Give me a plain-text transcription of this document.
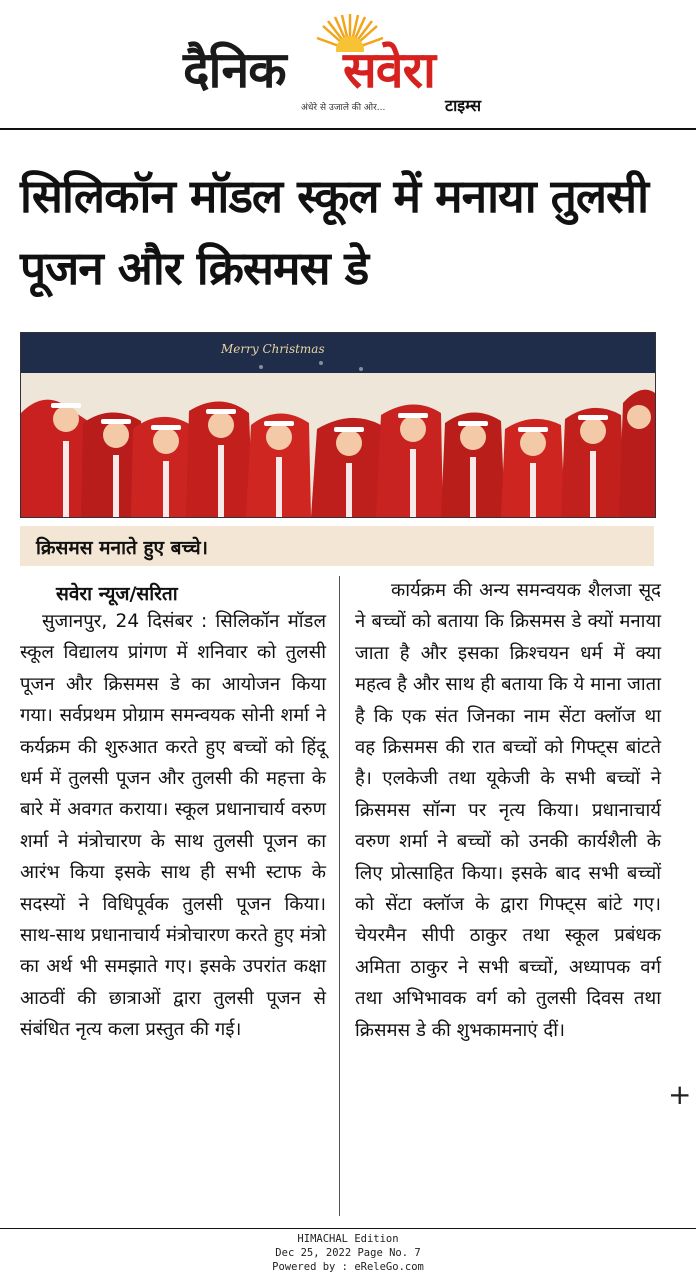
दैनिक सवेरा
अंधेरे से उजाले की ओर...	टाइम्स
सिलिकॉन मॉडल स्कूल में मनाया तुलसी पूजन और क्रिसमस डे
Merry Christmas
क्रिसमस मनाते हुए बच्चे।
सवेरा न्यूज/सरिता

सुजानपुर, 24 दिसंबर : सिलिकॉन मॉडल स्कूल विद्यालय प्रांगण में शनिवार को तुलसी पूजन और क्रिसमस डे का आयोजन किया गया। सर्वप्रथम प्रोग्राम समन्वयक सोनी शर्मा ने कर्यक्रम की शुरुआत करते हुए बच्चों को हिंदू धर्म में तुलसी पूजन और तुलसी की महत्ता के बारे में अवगत कराया। स्कूल प्रधानाचार्य वरुण शर्मा ने मंत्रोचारण के साथ तुलसी पूजन का आरंभ किया इसके साथ ही सभी स्टाफ के सदस्यों ने विधिपूर्वक तुलसी पूजन किया। साथ-साथ प्रधानाचार्य मंत्रोचारण करते हुए मंत्रो का अर्थ भी समझाते गए। इसके उपरांत कक्षा आठवीं की छात्राओं द्वारा तुलसी पूजन से संबंधित नृत्य कला प्रस्तुत की गई।

कार्यक्रम की अन्य समन्वयक शैलजा सूद ने बच्चों को बताया कि क्रिसमस डे क्यों मनाया जाता है और इसका क्रिश्चयन धर्म में क्या महत्व है और साथ ही बताया कि ये माना जाता है कि एक संत जिनका नाम सेंटा क्लॉज था वह क्रिसमस की रात बच्चों को गिफ्ट्स बांटते है। एलकेजी तथा यूकेजी के सभी बच्चों ने क्रिसमस सॉन्ग पर नृत्य किया। प्रधानाचार्य वरुण शर्मा ने बच्चों को उनकी कार्यशैली के लिए प्रोत्साहित किया। इसके बाद सभी बच्चों को सेंटा क्लॉज के द्वारा गिफ्ट्स बांटे गए। चेयरमैन सीपी ठाकुर तथा स्कूल प्रबंधक अमिता ठाकुर ने सभी बच्चों, अध्यापक वर्ग तथा अभिभावक वर्ग को तुलसी दिवस तथा क्रिसमस डे की शुभकामनाएं दीं।

+
HIMACHAL Edition
Dec 25, 2022 Page No. 7
Powered by : eReleGo.com
